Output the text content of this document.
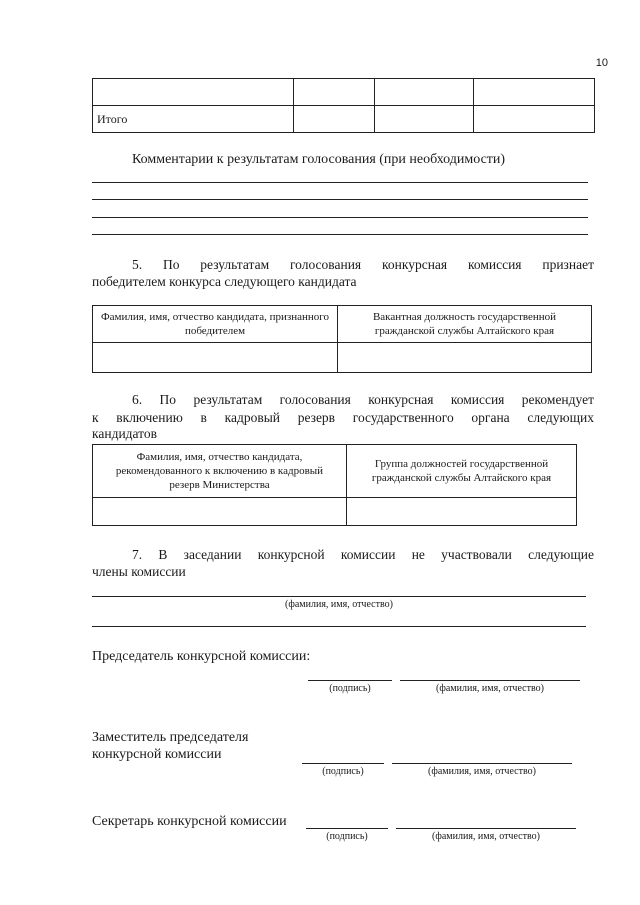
10

Итого			
Комментарии к результатам голосования (при необходимости)
5. По результатам голосования конкурсная комиссия признает
победителем конкурса следующего кандидата
Фамилия, имя, отчество кандидата, признанного победителем	Вакантная должность государственной гражданской службы Алтайского края

6. По результатам голосования конкурсная комиссия рекомендует
к включению в кадровый резерв государственного органа следующих
кандидатов
Фамилия, имя, отчество кандидата, рекомендованного к включению в кадровый резерв Министерства	Группа должностей государственной гражданской службы Алтайского края

7. В заседании конкурсной комиссии не участвовали следующие
члены комиссии
(фамилия, имя, отчество)
Председатель конкурсной комиссии:
(подпись)	(фамилия, имя, отчество)
Заместитель председателя
конкурсной комиссии
(подпись)	(фамилия, имя, отчество)
Секретарь конкурсной комиссии
(подпись)	(фамилия, имя, отчество)
